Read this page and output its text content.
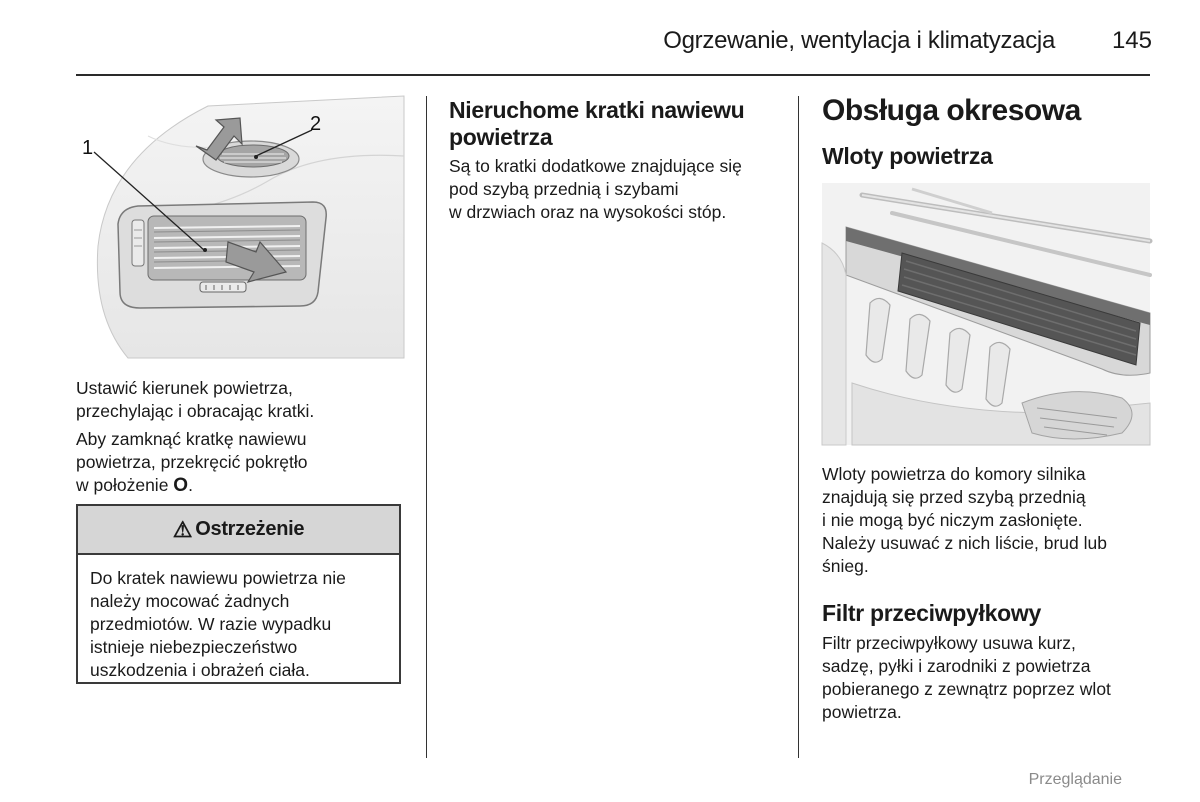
Ogrzewanie, wentylacja i klimatyzacja 145
1
2

Ustawić kierunek powietrza,
przechylając i obracając kratki.

Aby zamknąć kratkę nawiewu
powietrza, przekręcić pokrętło
w położenie O.

⚠ Ostrzeżenie
Do kratek nawiewu powietrza nie
należy mocować żadnych
przedmiotów. W razie wypadku
istnieje niebezpieczeństwo
uszkodzenia i obrażeń ciała.
Nieruchome kratki nawiewu
powietrza

Są to kratki dodatkowe znajdujące się
pod szybą przednią i szybami
w drzwiach oraz na wysokości stóp.

Obsługa okresowa
Wloty powietrza

Wloty powietrza do komory silnika
znajdują się przed szybą przednią
i nie mogą być niczym zasłonięte.
Należy usuwać z nich liście, brud lub
śnieg.

Filtr przeciwpyłkowy

Filtr przeciwpyłkowy usuwa kurz,
sadzę, pyłki i zarodniki z powietrza
pobieranego z zewnątrz poprzez wlot
powietrza.

Przeglądanie
